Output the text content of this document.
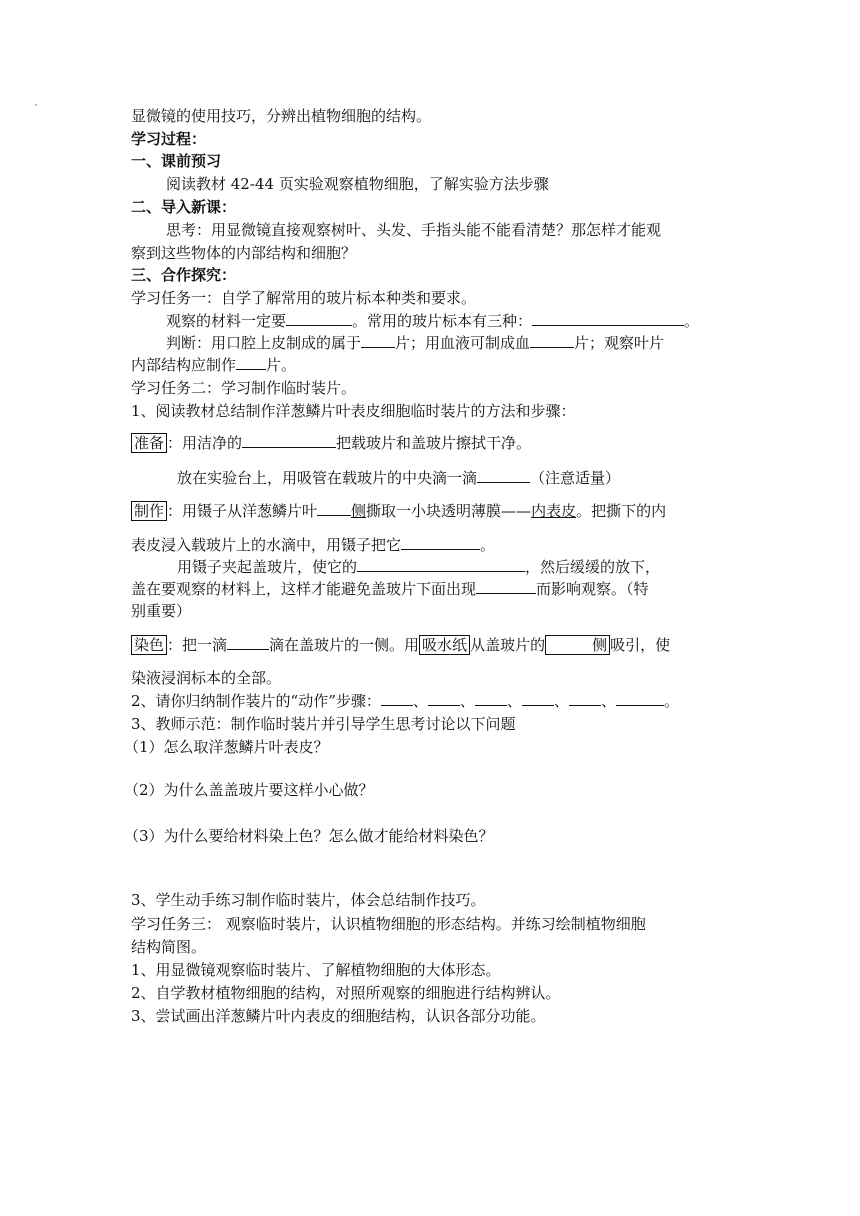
显微镜的使用技巧，分辨出植物细胞的结构。
学习过程：
一、课前预习
阅读教材 42-44 页实验观察植物细胞，了解实验方法步骤
二、导入新课：
思考：用显微镜直接观察树叶、头发、手指头能不能看清楚？那怎样才能观
察到这些物体的内部结构和细胞？
三、合作探究：
学习任务一：自学了解常用的玻片标本种类和要求。
观察的材料一定要	。常用的玻片标本有三种：	。
判断：用口腔上皮制成的属于 片；用血液可制成血	片；观察叶片
内部结构应制作 片。
学习任务二：学习制作临时装片。
1、阅读教材总结制作洋葱鳞片叶表皮细胞临时装片的方法和步骤：
准备 ：用洁净的	把载玻片和盖玻片擦拭干净。
放在实验台上，用吸管在载玻片的中央滴一滴	（注意适量）
制作 ：用镊子从洋葱鳞片叶 侧撕取一小块透明薄膜——内表皮。把撕下的内
表皮浸入载玻片上的水滴中，用镊子把它	。
用镊子夹起盖玻片，使它的	，然后缓缓的放下，
盖在要观察的材料上，这样才能避免盖玻片下面出现	而影响观察。（特
别重要）
染色 ：把一滴	滴在盖玻片的一侧。用 吸水纸 从盖玻片的	侧 吸引，使
染液浸润标本的全部。
2、请你归纳制作装片的“动作”步骤： 、 、 、 、 、	。
3、教师示范：制作临时装片并引导学生思考讨论以下问题
（1）怎么取洋葱鳞片叶表皮？
（2）为什么盖盖玻片要这样小心做？
（3）为什么要给材料染上色？怎么做才能给材料染色？
3、学生动手练习制作临时装片，体会总结制作技巧。
学习任务三： 观察临时装片，认识植物细胞的形态结构。并练习绘制植物细胞
结构简图。
1、用显微镜观察临时装片、了解植物细胞的大体形态。
2、自学教材植物细胞的结构，对照所观察的细胞进行结构辨认。
3、尝试画出洋葱鳞片叶内表皮的细胞结构，认识各部分功能。
